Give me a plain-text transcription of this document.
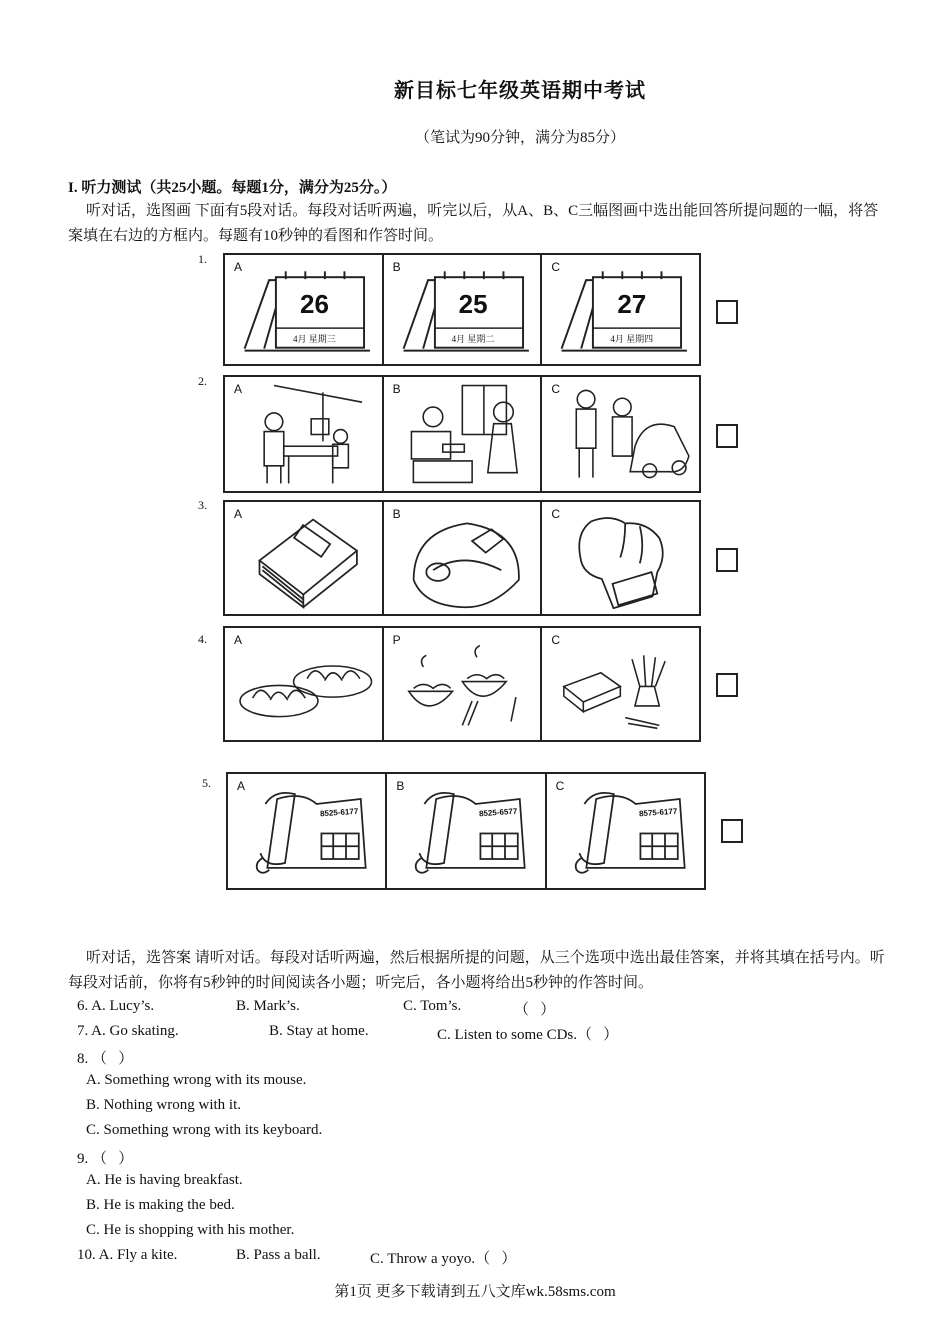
新目标七年级英语期中考试
（笔试为90分钟，满分为85分）
I. 听力测试（共25小题。每题1分，满分为25分。）
听对话，选图画 下面有5段对话。每段对话听两遍，听完以后，从A、B、C三幅图画中选出能回答所提问题的一幅，将答案填在右边的方框内。每题有10秒钟的看图和作答时间。
1.
A
26
4月 星期三
B
25
4月 星期二
C
27
4月 星期四
2.
A	B	C
3.
A	B	C
4. A	P	C
5. A
8525-6177
B
8525-6577
C
8575-6177
听对话，选答案 请听对话。每段对话听两遍，然后根据所提的问题，从三个选项中选出最佳答案，并将其填在括号内。听每段对话前，你将有5秒钟的时间阅读各小题；听完后，各小题将给出5秒钟的作答时间。
6. A. Lucy’s.	B. Mark’s.	C. Tom’s.	（   ）
7. A. Go skating.	B. Stay at home.	C. Listen to some CDs.（   ）
8. （   ）
A. Something wrong with its mouse.
B. Nothing wrong with it.
C. Something wrong with its keyboard.
9. （   ）
A. He is having breakfast.
B. He is making the bed.
C. He is shopping with his mother.
10. A. Fly a kite.	B. Pass a ball.	C. Throw a yoyo.（   ）
第1页 更多下载请到五八文库wk.58sms.com
